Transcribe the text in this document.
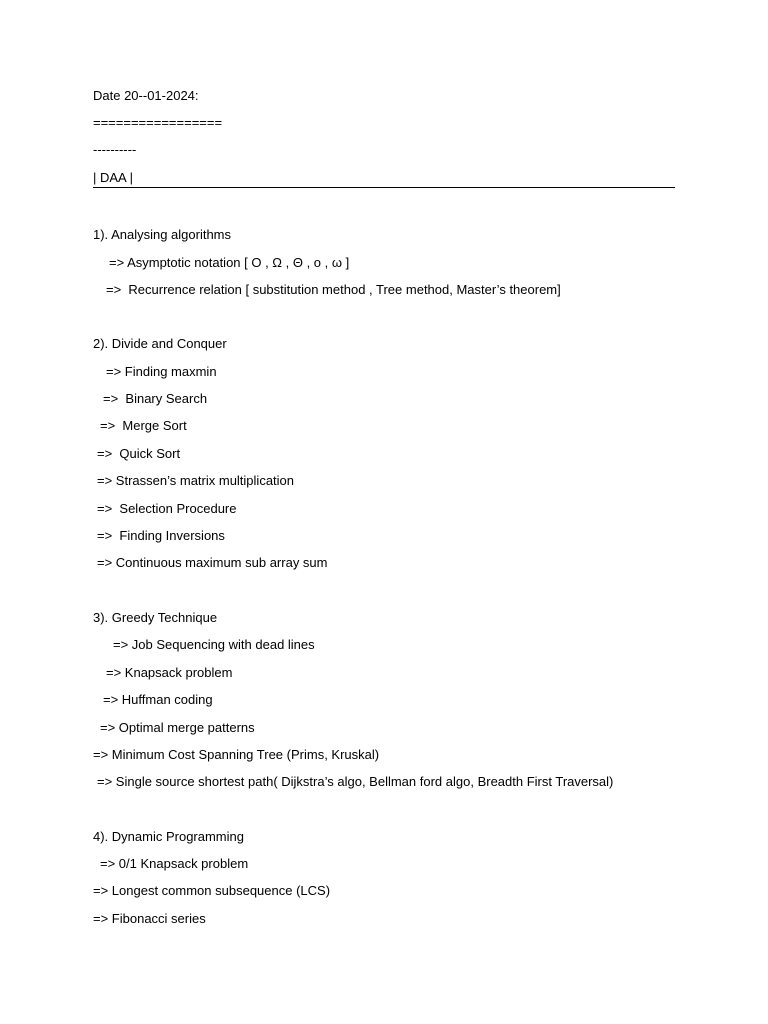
Date 20--01-2024:
=================
----------
| DAA |
1). Analysing algorithms
=> Asymptotic notation [ O , Ω , Θ , o , ω ]
=>  Recurrence relation [ substitution method , Tree method, Master’s theorem]
2). Divide and Conquer
=> Finding maxmin
=>  Binary Search
=>  Merge Sort
=>  Quick Sort
=> Strassen’s matrix multiplication
=>  Selection Procedure
=>  Finding Inversions
=> Continuous maximum sub array sum
3). Greedy Technique
=> Job Sequencing with dead lines
=> Knapsack problem
=> Huffman coding
=> Optimal merge patterns
=> Minimum Cost Spanning Tree (Prims, Kruskal)
=> Single source shortest path( Dijkstra’s algo, Bellman ford algo, Breadth First Traversal)
4). Dynamic Programming
=> 0/1 Knapsack problem
=> Longest common subsequence (LCS)
=> Fibonacci series
